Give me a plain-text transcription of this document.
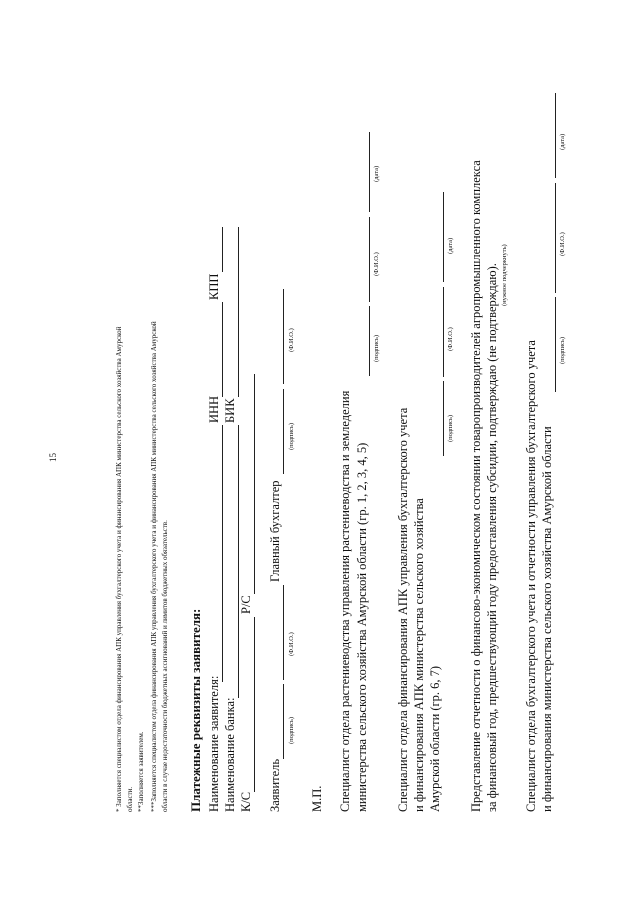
15	* Заполняется специалистом отдела финансирования АПК управления бухгалтерского учета и финансирования АПК министерства сельского хозяйства Амурской области. **Заполняется заявителем. ***Заполняется специалистом отдела финансирования АПК управления бухгалтерского учета и финансирования АПК министерства сельского хозяйства Амурской области в случае недостаточности бюджетных ассигнований и лимитов бюджетных обязательств. Платежные реквизиты заявителя: Наименование заявителя:
ИНН
КПП
Наименование банка:
БИК
К/С
Р/С
Заявитель
Главный бухгалтер
(подпись)
(Ф.И.О.)
(подпись)
(Ф.И.О.)
М.П. Специалист отдела растениеводства управления растениеводства и земледелия министерства сельского хозяйства Амурской области (гр. 1, 2, 3, 4, 5)
(подпись)
(Ф.И.О.)
(дата)
Специалист отдела финансирования АПК управления бухгалтерского учета и финансирования АПК министерства сельского хозяйства Амурской области (гр. 6, 7)
(подпись)
(Ф.И.О.)
(дата) Представление отчетности о финансово-экономическом состоянии товаропроизводителей агропромышленного комплекса за финансовый год, предшествующий году предоставления субсидии, подтверждаю (не подтверждаю). (нужное подчеркнуть)
Специалист отдела бухгалтерского учета и отчетности управления бухгалтерского учета и финансирования министерства сельского хозяйства Амурской области
(подпись)
(Ф.И.О.)
(дата)
